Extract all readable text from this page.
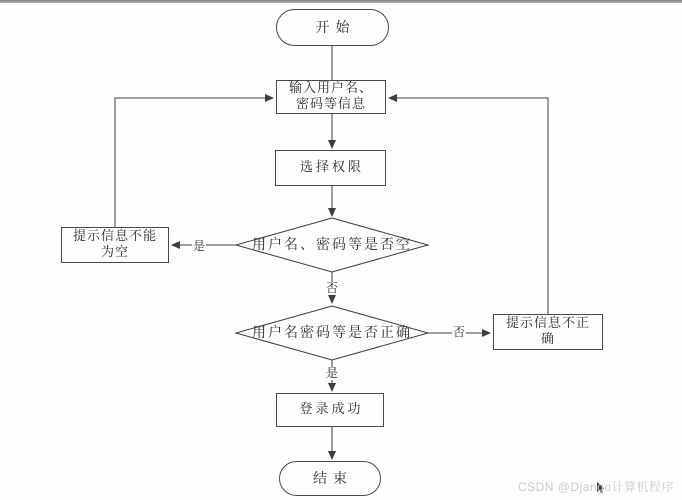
开始
输入用户名、
密码等信息
选择权限
用户名、密码等是否空
提示信息不能
为空
用户名密码等是否正确
提示信息不正
确
登录成功
结束
是
否
否
是
CSDN @Django计算机程序
